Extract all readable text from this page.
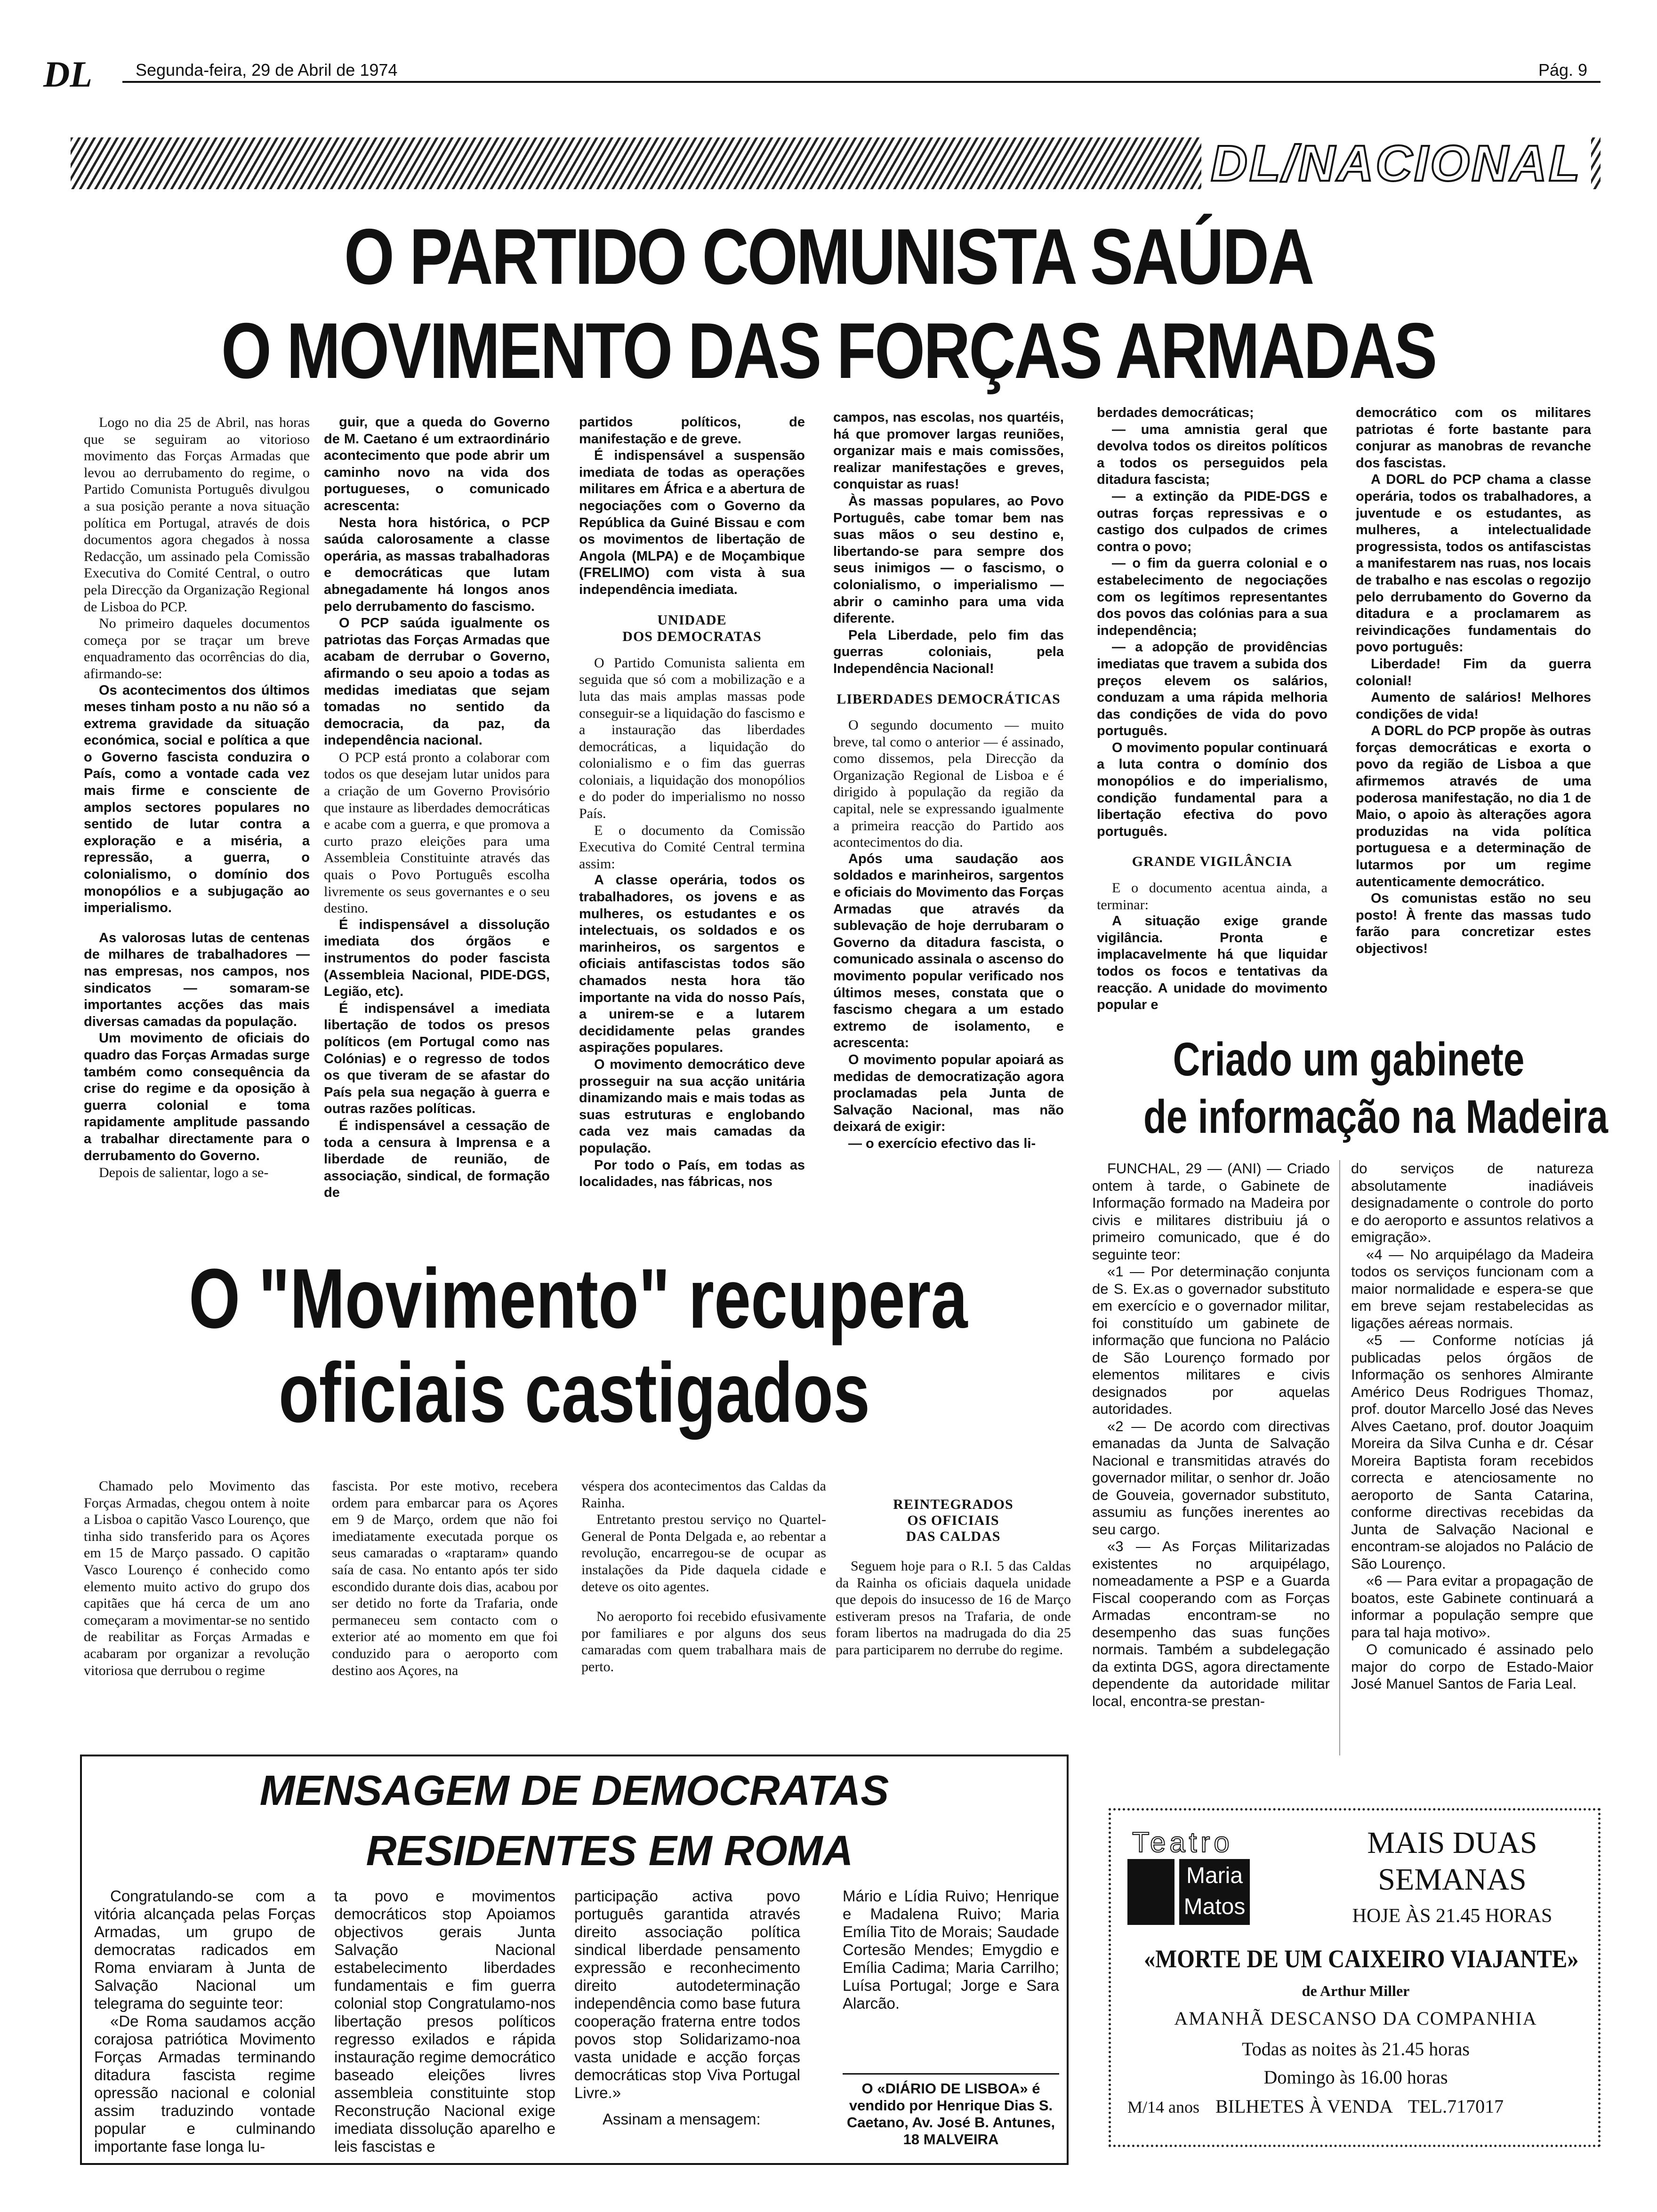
DL	Segunda-feira, 29 de Abril de 1974	Pág. 9
DL/NACIONAL
O PARTIDO COMUNISTA SAÚDA
O MOVIMENTO DAS FORÇAS ARMADAS

Logo no dia 25 de Abril, nas horas que se seguiram ao vitorioso movimento das Forças Armadas que levou ao derrubamento do regime, o Partido Comunista Português divulgou a sua posição perante a nova situação política em Portugal, através de dois documentos agora chegados à nossa Redacção, um assinado pela Comissão Executiva do Comité Central, o outro pela Direcção da Organização Regional de Lisboa do PCP.

No primeiro daqueles documentos começa por se traçar um breve enquadramento das ocorrências do dia, afirmando-se:

Os acontecimentos dos últimos meses tinham posto a nu não só a extrema gravidade da situação económica, social e política a que o Governo fascista conduzira o País, como a vontade cada vez mais firme e consciente de amplos sectores populares no sentido de lutar contra a exploração e a miséria, a repressão, a guerra, o colonialismo, o domínio dos monopólios e a subjugação ao imperialismo.

As valorosas lutas de centenas de milhares de trabalhadores — nas empresas, nos campos, nos sindicatos — somaram-se importantes acções das mais diversas camadas da população.

Um movimento de oficiais do quadro das Forças Armadas surge também como consequência da crise do regime e da oposição à guerra colonial e toma rapidamente amplitude passando a trabalhar directamente para o derrubamento do Governo.

Depois de salientar, logo a se-

guir, que a queda do Governo de M. Caetano é um extraordinário acontecimento que pode abrir um caminho novo na vida dos portugueses, o comunicado acrescenta:

Nesta hora histórica, o PCP saúda calorosamente a classe operária, as massas trabalhadoras e democráticas que lutam abnegadamente há longos anos pelo derrubamento do fascismo.

O PCP saúda igualmente os patriotas das Forças Armadas que acabam de derrubar o Governo, afirmando o seu apoio a todas as medidas imediatas que sejam tomadas no sentido da democracia, da paz, da independência nacional.

O PCP está pronto a colaborar com todos os que desejam lutar unidos para a criação de um Governo Provisório que instaure as liberdades democráticas e acabe com a guerra, e que promova a curto prazo eleições para uma Assembleia Constituinte através das quais o Povo Português escolha livremente os seus governantes e o seu destino.

É indispensável a dissolução imediata dos órgãos e instrumentos do poder fascista (Assembleia Nacional, PIDE-DGS, Legião, etc).

É indispensável a imediata libertação de todos os presos políticos (em Portugal como nas Colónias) e o regresso de todos os que tiveram de se afastar do País pela sua negação à guerra e outras razões políticas.

É indispensável a cessação de toda a censura à Imprensa e a liberdade de reunião, de associação, sindical, de formação de

partidos políticos, de manifestação e de greve.

É indispensável a suspensão imediata de todas as operações militares em África e a abertura de negociações com o Governo da República da Guiné Bissau e com os movimentos de libertação de Angola (MLPA) e de Moçambique (FRELIMO) com vista à sua independência imediata.

UNIDADE
DOS DEMOCRATAS

O Partido Comunista salienta em seguida que só com a mobilização e a luta das mais amplas massas pode conseguir-se a liquidação do fascismo e a instauração das liberdades democráticas, a liquidação do colonialismo e o fim das guerras coloniais, a liquidação dos monopólios e do poder do imperialismo no nosso País.

E o documento da Comissão Executiva do Comité Central termina assim:

A classe operária, todos os trabalhadores, os jovens e as mulheres, os estudantes e os intelectuais, os soldados e os marinheiros, os sargentos e oficiais antifascistas todos são chamados nesta hora tão importante na vida do nosso País, a unirem-se e a lutarem decididamente pelas grandes aspirações populares.

O movimento democrático deve prosseguir na sua acção unitária dinamizando mais e mais todas as suas estruturas e englobando cada vez mais camadas da população.

Por todo o País, em todas as localidades, nas fábricas, nos

campos, nas escolas, nos quartéis, há que promover largas reuniões, organizar mais e mais comissões, realizar manifestações e greves, conquistar as ruas!

Às massas populares, ao Povo Português, cabe tomar bem nas suas mãos o seu destino e, libertando-se para sempre dos seus inimigos — o fascismo, o colonialismo, o imperialismo — abrir o caminho para uma vida diferente.

Pela Liberdade, pelo fim das guerras coloniais, pela Independência Nacional!

LIBERDADES DEMOCRÁTICAS

O segundo documento — muito breve, tal como o anterior — é assinado, como dissemos, pela Direcção da Organização Regional de Lisboa e é dirigido à população da região da capital, nele se expressando igualmente a primeira reacção do Partido aos acontecimentos do dia.

Após uma saudação aos soldados e marinheiros, sargentos e oficiais do Movimento das Forças Armadas que através da sublevação de hoje derrubaram o Governo da ditadura fascista, o comunicado assinala o ascenso do movimento popular verificado nos últimos meses, constata que o fascismo chegara a um estado extremo de isolamento, e acrescenta:

O movimento popular apoiará as medidas de democratização agora proclamadas pela Junta de Salvação Nacional, mas não deixará de exigir:

— o exercício efectivo das li-

berdades democráticas;

— uma amnistia geral que devolva todos os direitos políticos a todos os perseguidos pela ditadura fascista;

— a extinção da PIDE-DGS e outras forças repressivas e o castigo dos culpados de crimes contra o povo;

— o fim da guerra colonial e o estabelecimento de negociações com os legítimos representantes dos povos das colónias para a sua independência;

— a adopção de providências imediatas que travem a subida dos preços elevem os salários, conduzam a uma rápida melhoria das condições de vida do povo português.

O movimento popular continuará a luta contra o domínio dos monopólios e do imperialismo, condição fundamental para a libertação efectiva do povo português.

GRANDE VIGILÂNCIA

E o documento acentua ainda, a terminar:

A situação exige grande vigilância. Pronta e implacavelmente há que liquidar todos os focos e tentativas da reacção. A unidade do movimento popular e

democrático com os militares patriotas é forte bastante para conjurar as manobras de revanche dos fascistas.

A DORL do PCP chama a classe operária, todos os trabalhadores, a juventude e os estudantes, as mulheres, a intelectualidade progressista, todos os antifascistas a manifestarem nas ruas, nos locais de trabalho e nas escolas o regozijo pelo derrubamento do Governo da ditadura e a proclamarem as reivindicações fundamentais do povo português:

Liberdade! Fim da guerra colonial!

Aumento de salários! Melhores condições de vida!

A DORL do PCP propõe às outras forças democráticas e exorta o povo da região de Lisboa a que afirmemos através de uma poderosa manifestação, no dia 1 de Maio, o apoio às alterações agora produzidas na vida política portuguesa e a determinação de lutarmos por um regime autenticamente democrático.

Os comunistas estão no seu posto! À frente das massas tudo farão para concretizar estes objectivos!

Criado um gabinete
de informação na Madeira

FUNCHAL, 29 — (ANI) — Criado ontem à tarde, o Gabinete de Informação formado na Madeira por civis e militares distribuiu já o primeiro comunicado, que é do seguinte teor:

«1 — Por determinação conjunta de S. Ex.as o governador substituto em exercício e o governador militar, foi constituído um gabinete de informação que funciona no Palácio de São Lourenço formado por elementos militares e civis designados por aquelas autoridades.

«2 — De acordo com directivas emanadas da Junta de Salvação Nacional e transmitidas através do governador militar, o senhor dr. João de Gouveia, governador substituto, assumiu as funções inerentes ao seu cargo.

«3 — As Forças Militarizadas existentes no arquipélago, nomeadamente a PSP e a Guarda Fiscal cooperando com as Forças Armadas encontram-se no desempenho das suas funções normais. Também a subdelegação da extinta DGS, agora directamente dependente da autoridade militar local, encontra-se prestan-

do serviços de natureza absolutamente inadiáveis designadamente o controle do porto e do aeroporto e assuntos relativos a emigração».

«4 — No arquipélago da Madeira todos os serviços funcionam com a maior normalidade e espera-se que em breve sejam restabelecidas as ligações aéreas normais.

«5 — Conforme notícias já publicadas pelos órgãos de Informação os senhores Almirante Américo Deus Rodrigues Thomaz, prof. doutor Marcello José das Neves Alves Caetano, prof. doutor Joaquim Moreira da Silva Cunha e dr. César Moreira Baptista foram recebidos correcta e atenciosamente no aeroporto de Santa Catarina, conforme directivas recebidas da Junta de Salvação Nacional e encontram-se alojados no Palácio de São Lourenço.

«6 — Para evitar a propagação de boatos, este Gabinete continuará a informar a população sempre que para tal haja motivo».

O comunicado é assinado pelo major do corpo de Estado-Maior José Manuel Santos de Faria Leal.

O "Movimento" recupera
oficiais castigados

Chamado pelo Movimento das Forças Armadas, chegou ontem à noite a Lisboa o capitão Vasco Lourenço, que tinha sido transferido para os Açores em 15 de Março passado. O capitão Vasco Lourenço é conhecido como elemento muito activo do grupo dos capitães que há cerca de um ano começaram a movimentar-se no sentido de reabilitar as Forças Armadas e acabaram por organizar a revolução vitoriosa que derrubou o regime

fascista. Por este motivo, recebera ordem para embarcar para os Açores em 9 de Março, ordem que não foi imediatamente executada porque os seus camaradas o «raptaram» quando saía de casa. No entanto após ter sido escondido durante dois dias, acabou por ser detido no forte da Trafaria, onde permaneceu sem contacto com o exterior até ao momento em que foi conduzido para o aeroporto com destino aos Açores, na

véspera dos acontecimentos das Caldas da Rainha.

Entretanto prestou serviço no Quartel-General de Ponta Delgada e, ao rebentar a revolução, encarregou-se de ocupar as instalações da Pide daquela cidade e deteve os oito agentes.

No aeroporto foi recebido efusivamente por familiares e por alguns dos seus camaradas com quem trabalhara mais de perto.

REINTEGRADOS
OS OFICIAIS
DAS CALDAS

Seguem hoje para o R.I. 5 das Caldas da Rainha os oficiais daquela unidade que depois do insucesso de 16 de Março estiveram presos na Trafaria, de onde foram libertos na madrugada do dia 25 para participarem no derrube do regime.

MENSAGEM DE DEMOCRATAS
RESIDENTES EM ROMA

Congratulando-se com a vitória alcançada pelas Forças Armadas, um grupo de democratas radicados em Roma enviaram à Junta de Salvação Nacional um telegrama do seguinte teor:

«De Roma saudamos acção corajosa patriótica Movimento Forças Armadas terminando ditadura fascista regime opressão nacional e colonial assim traduzindo vontade popular e culminando importante fase longa lu-

ta povo e movimentos democráticos stop Apoiamos objectivos gerais Junta Salvação Nacional estabelecimento liberdades fundamentais e fim guerra colonial stop Congratulamo-nos libertação presos políticos regresso exilados e rápida instauração regime democrático baseado eleições livres assembleia constituinte stop Reconstrução Nacional exige imediata dissolução aparelho e leis fascistas e

participação activa povo português garantida através direito associação política sindical liberdade pensamento expressão e reconhecimento direito autodeterminação independência como base futura cooperação fraterna entre todos povos stop Solidarizamo-noa vasta unidade e acção forças democráticas stop Viva Portugal Livre.»

Assinam a mensagem:

Mário e Lídia Ruivo; Henrique e Madalena Ruivo; Maria Emília Tito de Morais; Saudade Cortesão Mendes; Emygdio e Emília Cadima; Maria Carrilho; Luísa Portugal; Jorge e Sara Alarcão.

O «DIÁRIO DE LISBOA» é vendido por Henrique Dias S. Caetano, Av. José B. Antunes, 18 MALVEIRA
Teatro
Maria
Matos
MAIS DUAS
SEMANAS
HOJE ÀS 21.45 HORAS
«MORTE DE UM CAIXEIRO VIAJANTE»
de Arthur Miller
AMANHÃ DESCANSO DA COMPANHIA
Todas as noites às 21.45 horas
Domingo às 16.00 horas
M/14 anos BILHETES À VENDA TEL.717017
